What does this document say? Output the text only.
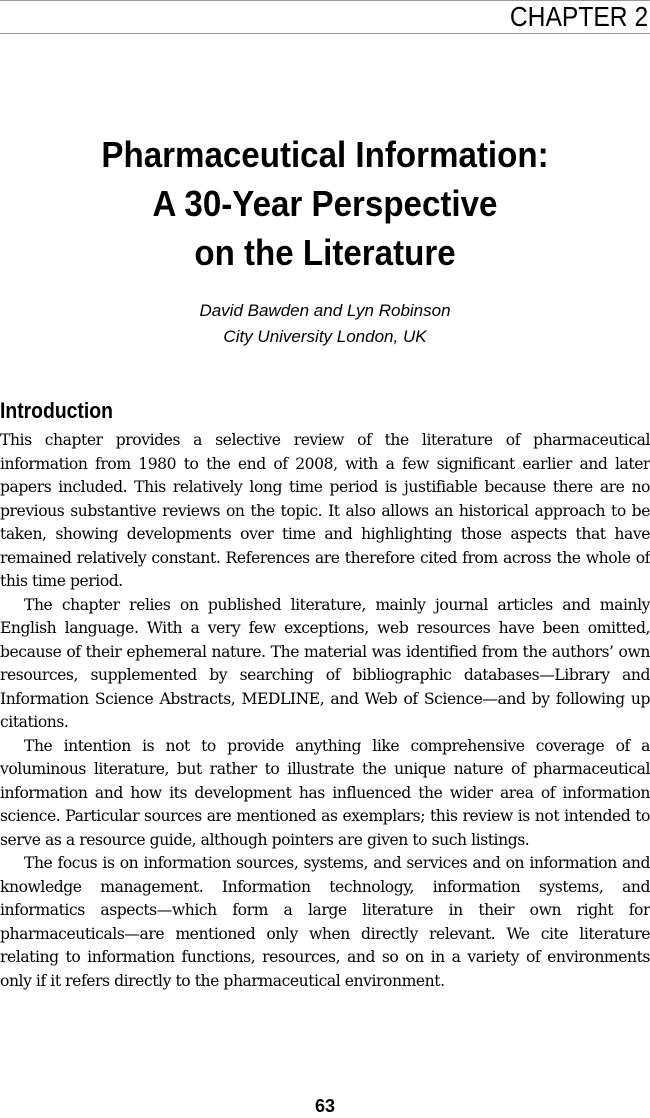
CHAPTER 2
Pharmaceutical Information:
A 30-Year Perspective
on the Literature
David Bawden and Lyn Robinson
City University London, UK
Introduction

This chapter provides a selective review of the literature of pharmaceutical information from 1980 to the end of 2008, with a few significant earlier and later papers included. This relatively long time period is justifiable because there are no previous substantive reviews on the topic. It also allows an historical approach to be taken, showing developments over time and highlighting those aspects that have remained relatively constant. References are therefore cited from across the whole of this time period.

The chapter relies on published literature, mainly journal articles and mainly English language. With a very few exceptions, web resources have been omitted, because of their ephemeral nature. The material was identified from the authors’ own resources, supplemented by searching of bibliographic databases—Library and Information Science Abstracts, MEDLINE, and Web of Science—and by following up citations.

The intention is not to provide anything like comprehensive coverage of a voluminous literature, but rather to illustrate the unique nature of pharmaceutical information and how its development has influenced the wider area of information science. Particular sources are mentioned as exemplars; this review is not intended to serve as a resource guide, although pointers are given to such listings.

The focus is on information sources, systems, and services and on information and knowledge management. Information technology, information systems, and informatics aspects—which form a large literature in their own right for pharmaceuticals—are mentioned only when directly relevant. We cite literature relating to information functions, resources, and so on in a variety of environments only if it refers directly to the pharmaceutical environment.

63
